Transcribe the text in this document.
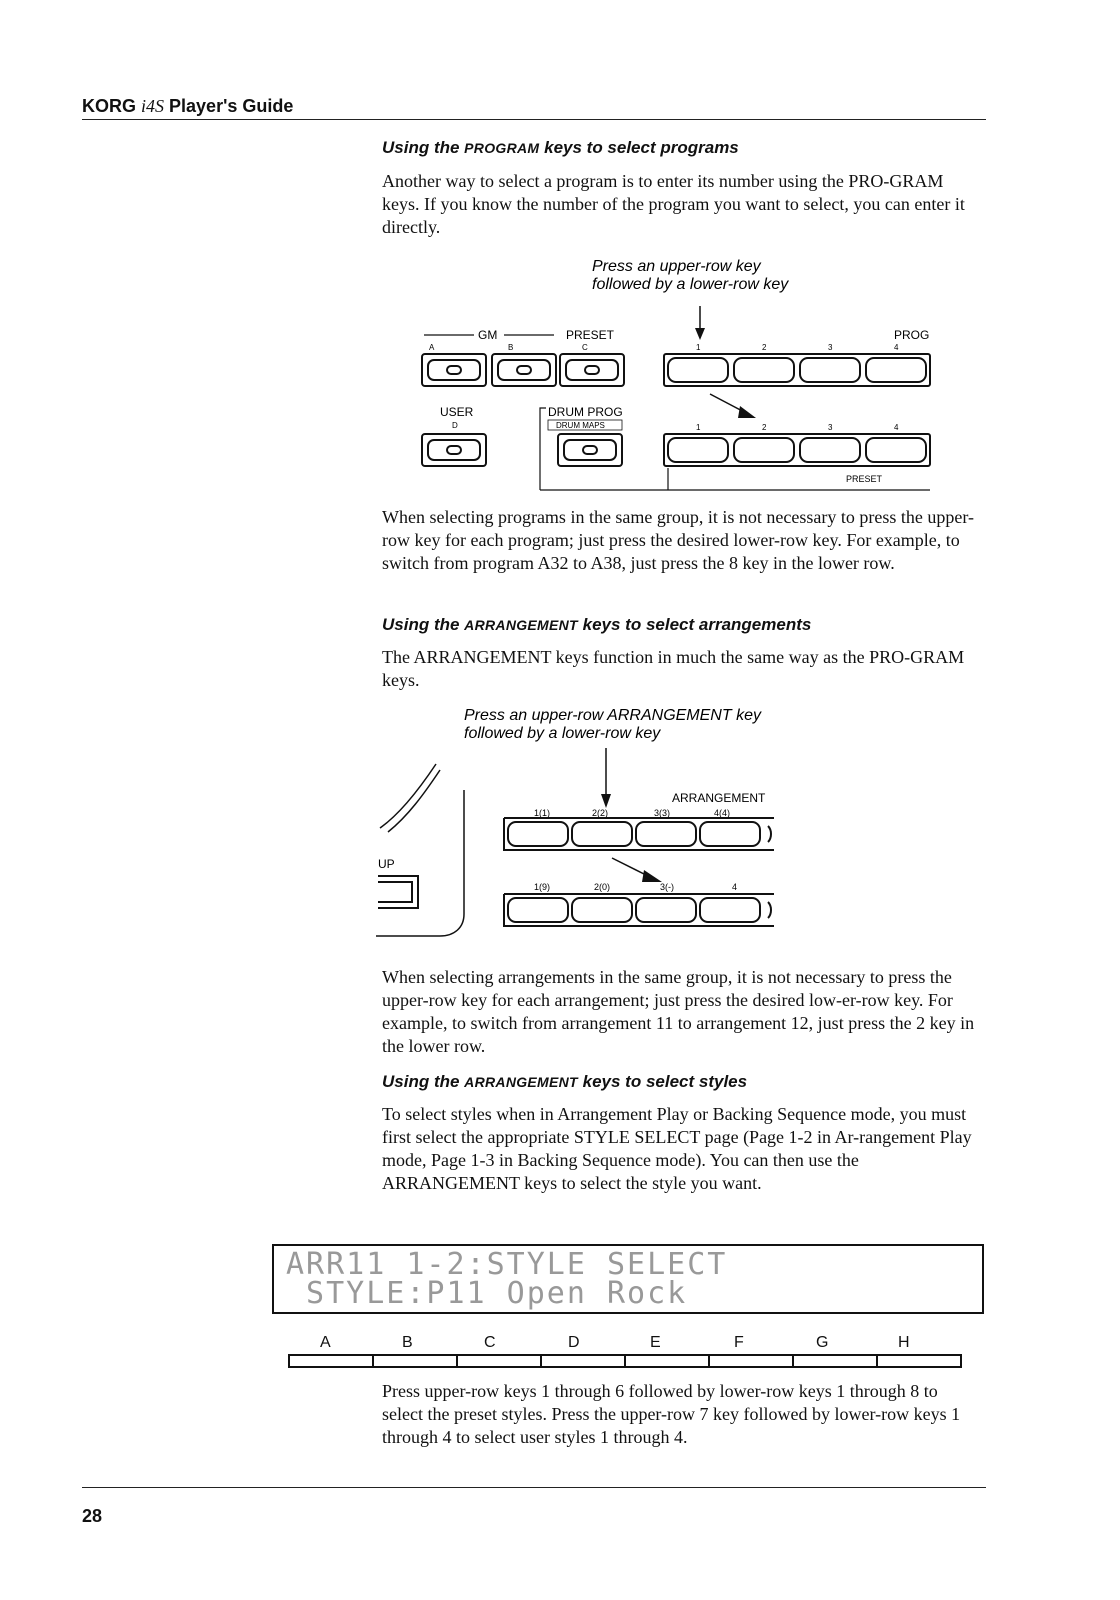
KORG i4S Player's Guide
Using the PROGRAM keys to select programs
Another way to select a program is to enter its number using the PRO-GRAM keys. If you know the number of the program you want to select, you can enter it directly.
Press an upper-row key
followed by a lower-row key
GM	PRESET	PROG
A	B	C	1	2	3	4
USER
D
DRUM PROG
DRUM MAPS	1	2	3	4
PRESET
When selecting programs in the same group, it is not necessary to press the upper-row key for each program; just press the desired lower-row key. For example, to switch from program A32 to A38, just press the 8 key in the lower row.
Using the ARRANGEMENT keys to select arrangements
The ARRANGEMENT keys function in much the same way as the PRO-GRAM keys.
Press an upper-row ARRANGEMENT key
followed by a lower-row key
UP
ARRANGEMENT
1(1)	2(2)	3(3)	4(4)
1(9)	2(0)	3(-)	4
When selecting arrangements in the same group, it is not necessary to press the upper-row key for each arrangement; just press the desired low-er-row key. For example, to switch from arrangement 11 to arrangement 12, just press the 2 key in the lower row.
Using the ARRANGEMENT keys to select styles
To select styles when in Arrangement Play or Backing Sequence mode, you must first select the appropriate STYLE SELECT page (Page 1-2 in Ar-rangement Play mode, Page 1-3 in Backing Sequence mode). You can then use the ARRANGEMENT keys to select the style you want.
ARR11 1-2:STYLE SELECT
STYLE:P11 Open Rock
A	B	C	D	E	F	G	H
Press upper-row keys 1 through 6 followed by lower-row keys 1 through 8 to select the preset styles. Press the upper-row 7 key followed by lower-row keys 1 through 4 to select user styles 1 through 4.
28
